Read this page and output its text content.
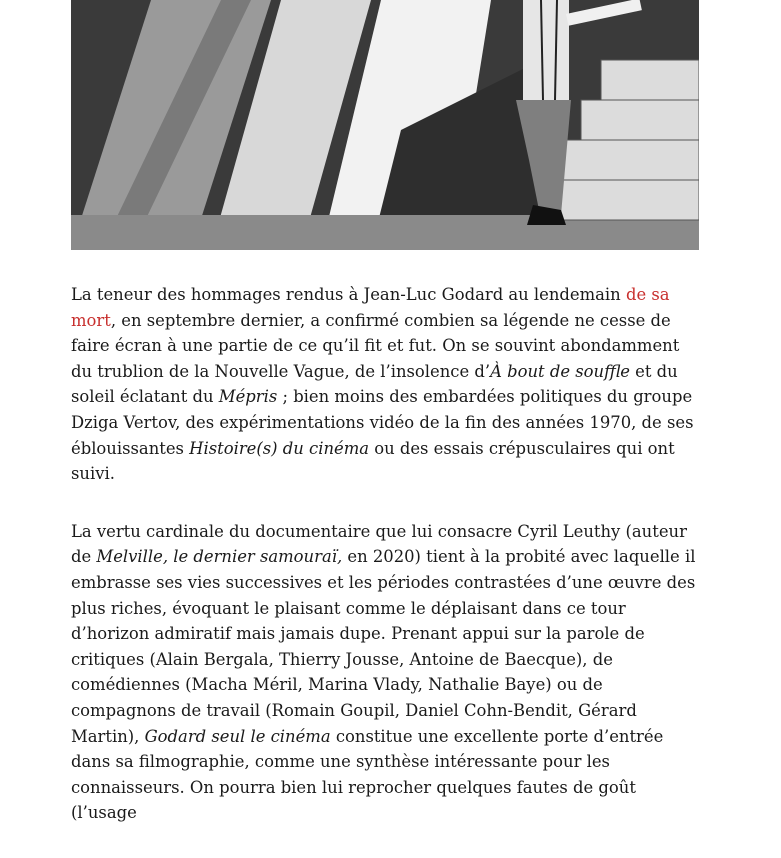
La teneur des hommages rendus à Jean-Luc Godard au lendemain de sa mort, en septembre dernier, a confirmé combien sa légende ne cesse de faire écran à une partie de ce qu’il fit et fut. On se souvint abondamment du trublion de la Nouvelle Vague, de l’insolence d’À bout de souffle et du soleil éclatant du Mépris ; bien moins des embardées politiques du groupe Dziga Vertov, des expérimentations vidéo de la fin des années 1970, de ses éblouissantes Histoire(s) du cinéma ou des essais crépusculaires qui ont suivi.

La vertu cardinale du documentaire que lui consacre Cyril Leuthy (auteur de Melville, le dernier samouraï, en 2020) tient à la probité avec laquelle il embrasse ses vies successives et les périodes contrastées d’une œuvre des plus riches, évoquant le plaisant comme le déplaisant dans ce tour d’horizon admiratif mais jamais dupe. Prenant appui sur la parole de critiques (Alain Bergala, Thierry Jousse, Antoine de Baecque), de comédiennes (Macha Méril, Marina Vlady, Nathalie Baye) ou de compagnons de travail (Romain Goupil, Daniel Cohn-Bendit, Gérard Martin), Godard seul le cinéma constitue une excellente porte d’entrée dans sa filmographie, comme une synthèse intéressante pour les connaisseurs. On pourra bien lui reprocher quelques fautes de goût (l’usage
